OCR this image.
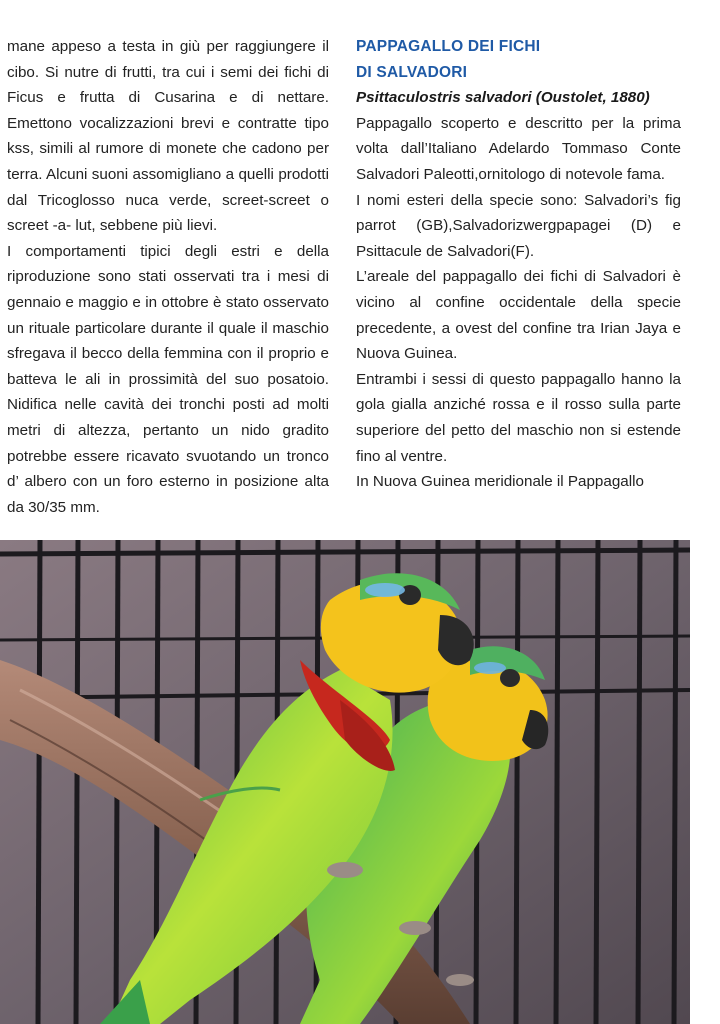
mane appeso a testa in giù per raggiungere il cibo. Si nutre di frutti, tra cui i semi dei fichi di Ficus e frutta di Cusarina e di nettare. Emettono vocalizzazioni brevi e contratte tipo kss, simili al rumore di monete che cadono per terra. Alcuni suoni assomigliano a quelli prodotti dal Tricoglosso nuca verde, screet-screet o screet -a- lut, sebbene più lievi.

I comportamenti tipici degli estri e della riproduzione sono stati osservati tra i mesi di gennaio e maggio e in ottobre è stato osservato un rituale particolare durante il quale il maschio sfregava il becco della femmina con il proprio e batteva le ali in prossimità del suo posatoio. Nidifica nelle cavità dei tronchi posti ad molti metri di altezza, pertanto un nido gradito potrebbe essere ricavato svuotando un tronco d’ albero con un foro esterno in posizione alta da 30/35 mm.

PAPPAGALLO DEI FICHI

DI SALVADORI

Psittaculostris salvadori (Oustolet, 1880)

Pappagallo scoperto e descritto per la prima volta dall’Italiano Adelardo Tommaso Conte Salvadori Paleotti,ornitologo di notevole fama.

I nomi esteri della specie sono: Salvadori’s fig parrot (GB),Salvadorizwergpapagei (D) e Psittacule de Salvadori(F).

L’areale del pappagallo dei fichi di Salvadori è vicino al confine occidentale della specie precedente, a ovest del confine tra Irian Jaya e Nuova Guinea.

Entrambi i sessi di questo pappagallo hanno la gola gialla anziché rossa e il rosso sulla parte superiore del petto del maschio non si estende fino al ventre.

In Nuova Guinea meridionale il Pappagallo
